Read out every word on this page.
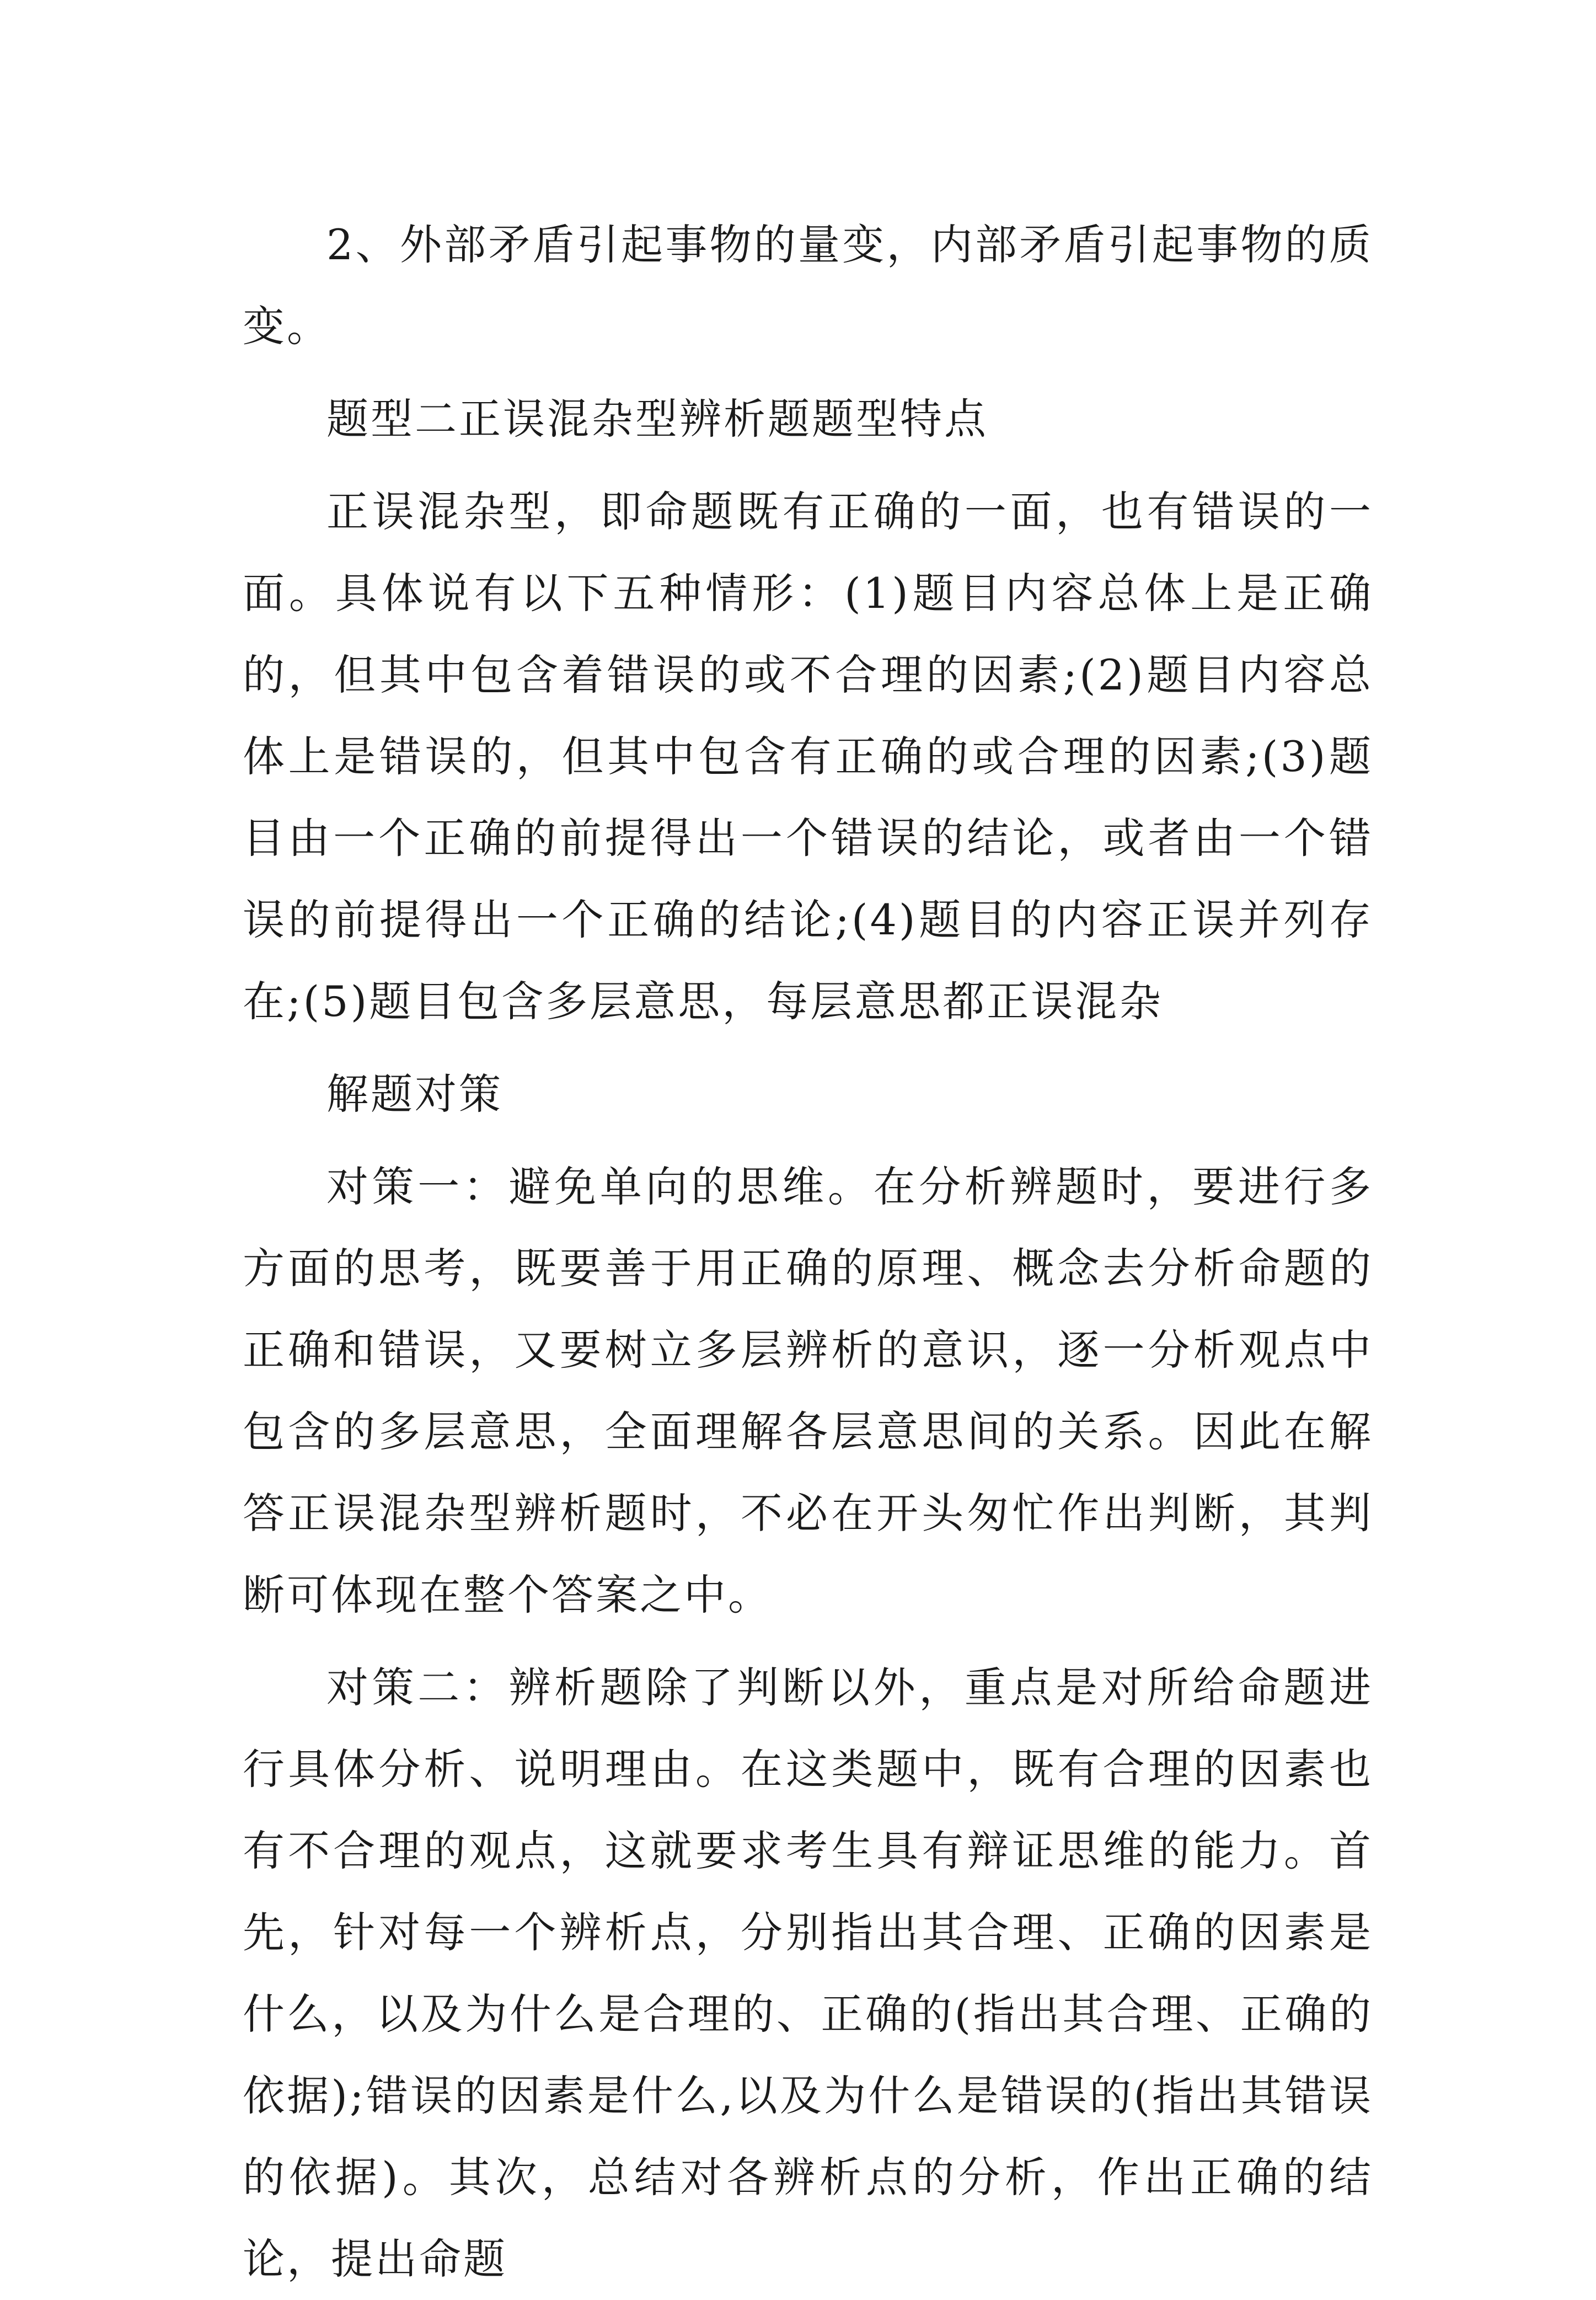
2、外部矛盾引起事物的量变，内部矛盾引起事物的质变。

题型二正误混杂型辨析题题型特点

正误混杂型，即命题既有正确的一面，也有错误的一面。具体说有以下五种情形：(1)题目内容总体上是正确的，但其中包含着错误的或不合理的因素;(2)题目内容总体上是错误的，但其中包含有正确的或合理的因素;(3)题目由一个正确的前提得出一个错误的结论，或者由一个错误的前提得出一个正确的结论;(4)题目的内容正误并列存在;(5)题目包含多层意思，每层意思都正误混杂

解题对策

对策一：避免单向的思维。在分析辨题时，要进行多方面的思考，既要善于用正确的原理、概念去分析命题的正确和错误，又要树立多层辨析的意识，逐一分析观点中包含的多层意思，全面理解各层意思间的关系。因此在解答正误混杂型辨析题时，不必在开头匆忙作出判断，其判断可体现在整个答案之中。

对策二：辨析题除了判断以外，重点是对所给命题进行具体分析、说明理由。在这类题中，既有合理的因素也有不合理的观点，这就要求考生具有辩证思维的能力。首先，针对每一个辨析点，分别指出其合理、正确的因素是什么，以及为什么是合理的、正确的(指出其合理、正确的依据);错误的因素是什么,以及为什么是错误的(指出其错误的依据)。其次，总结对各辨析点的分析，作出正确的结论，提出命题
